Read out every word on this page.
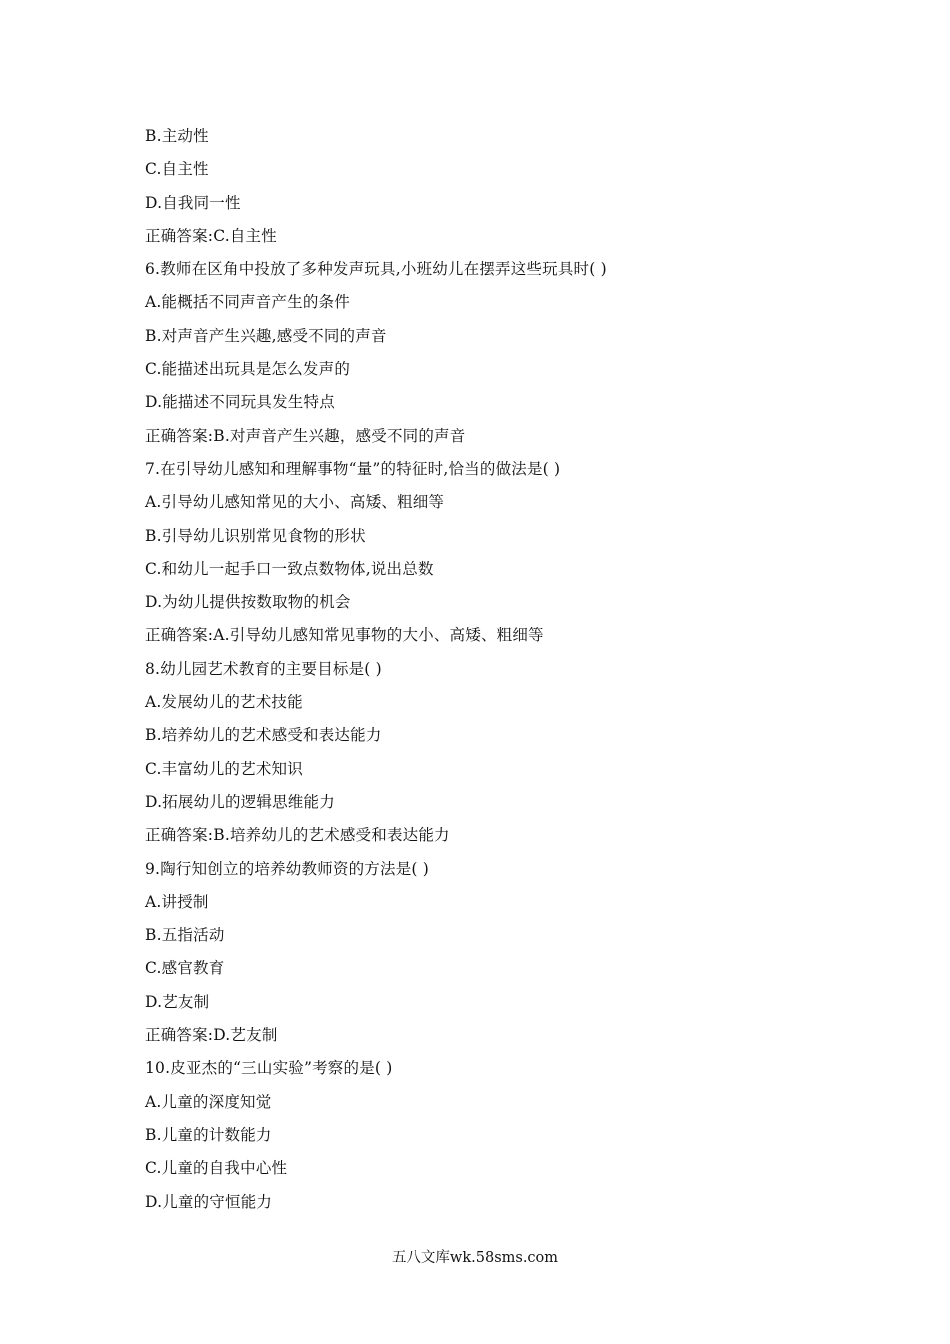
B.主动性
C.自主性
D.自我同一性
正确答案:C.自主性
6.教师在区角中投放了多种发声玩具,小班幼儿在摆弄这些玩具时( )
A.能概括不同声音产生的条件
B.对声音产生兴趣,感受不同的声音
C.能描述出玩具是怎么发声的
D.能描述不同玩具发生特点
正确答案:B.对声音产生兴趣，感受不同的声音
7.在引导幼儿感知和理解事物“量”的特征时,恰当的做法是( )
A.引导幼儿感知常见的大小、高矮、粗细等
B.引导幼儿识别常见食物的形状
C.和幼儿一起手口一致点数物体,说出总数
D.为幼儿提供按数取物的机会
正确答案:A.引导幼儿感知常见事物的大小、高矮、粗细等
8.幼儿园艺术教育的主要目标是( )
A.发展幼儿的艺术技能
B.培养幼儿的艺术感受和表达能力
C.丰富幼儿的艺术知识
D.拓展幼儿的逻辑思维能力
正确答案:B.培养幼儿的艺术感受和表达能力
9.陶行知创立的培养幼教师资的方法是( )
A.讲授制
B.五指活动
C.感官教育
D.艺友制
正确答案:D.艺友制
10.皮亚杰的“三山实验”考察的是( )
A.儿童的深度知觉
B.儿童的计数能力
C.儿童的自我中心性
D.儿童的守恒能力
五八文库wk.58sms.com
